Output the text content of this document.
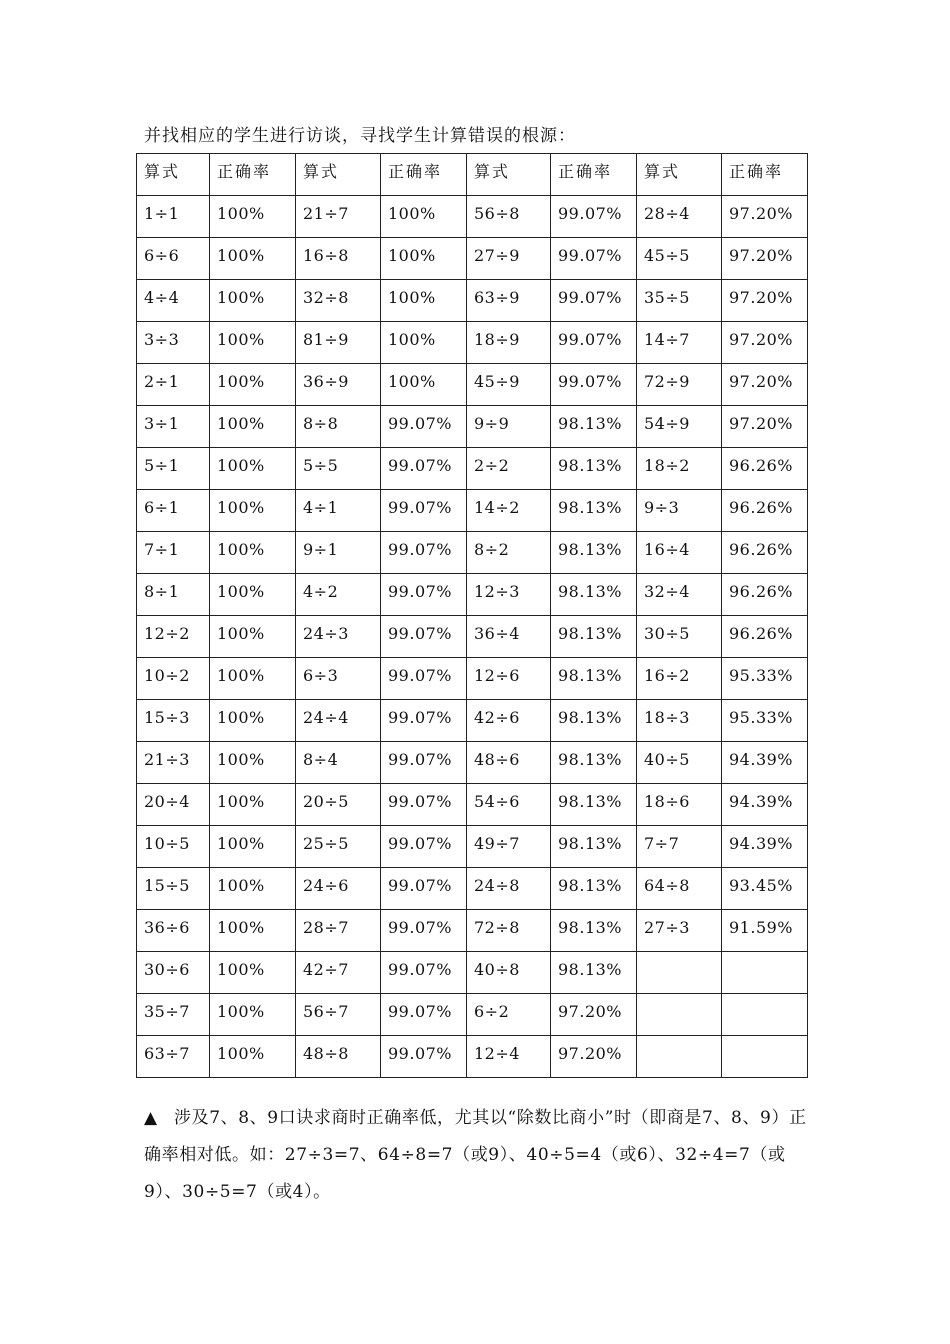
并找相应的学生进行访谈，寻找学生计算错误的根源：
算式	正确率	算式	正确率	算式	正确率	算式	正确率
1÷1	100%	21÷7	100%	56÷8	99.07%	28÷4	97.20%
6÷6	100%	16÷8	100%	27÷9	99.07%	45÷5	97.20%
4÷4	100%	32÷8	100%	63÷9	99.07%	35÷5	97.20%
3÷3	100%	81÷9	100%	18÷9	99.07%	14÷7	97.20%
2÷1	100%	36÷9	100%	45÷9	99.07%	72÷9	97.20%
3÷1	100%	8÷8	99.07%	9÷9	98.13%	54÷9	97.20%
5÷1	100%	5÷5	99.07%	2÷2	98.13%	18÷2	96.26%
6÷1	100%	4÷1	99.07%	14÷2	98.13%	9÷3	96.26%
7÷1	100%	9÷1	99.07%	8÷2	98.13%	16÷4	96.26%
8÷1	100%	4÷2	99.07%	12÷3	98.13%	32÷4	96.26%
12÷2	100%	24÷3	99.07%	36÷4	98.13%	30÷5	96.26%
10÷2	100%	6÷3	99.07%	12÷6	98.13%	16÷2	95.33%
15÷3	100%	24÷4	99.07%	42÷6	98.13%	18÷3	95.33%
21÷3	100%	8÷4	99.07%	48÷6	98.13%	40÷5	94.39%
20÷4	100%	20÷5	99.07%	54÷6	98.13%	18÷6	94.39%
10÷5	100%	25÷5	99.07%	49÷7	98.13%	7÷7	94.39%
15÷5	100%	24÷6	99.07%	24÷8	98.13%	64÷8	93.45%
36÷6	100%	28÷7	99.07%	72÷8	98.13%	27÷3	91.59%
30÷6	100%	42÷7	99.07%	40÷8	98.13%		
35÷7	100%	56÷7	99.07%	6÷2	97.20%		
63÷7	100%	48÷8	99.07%	12÷4	97.20%		
▲ 涉及7、8、9口诀求商时正确率低，尤其以“除数比商小”时（即商是7、8、9）正确率相对低。如：27÷3=7、64÷8=7（或9）、40÷5=4（或6）、32÷4=7（或9）、30÷5=7（或4）。
